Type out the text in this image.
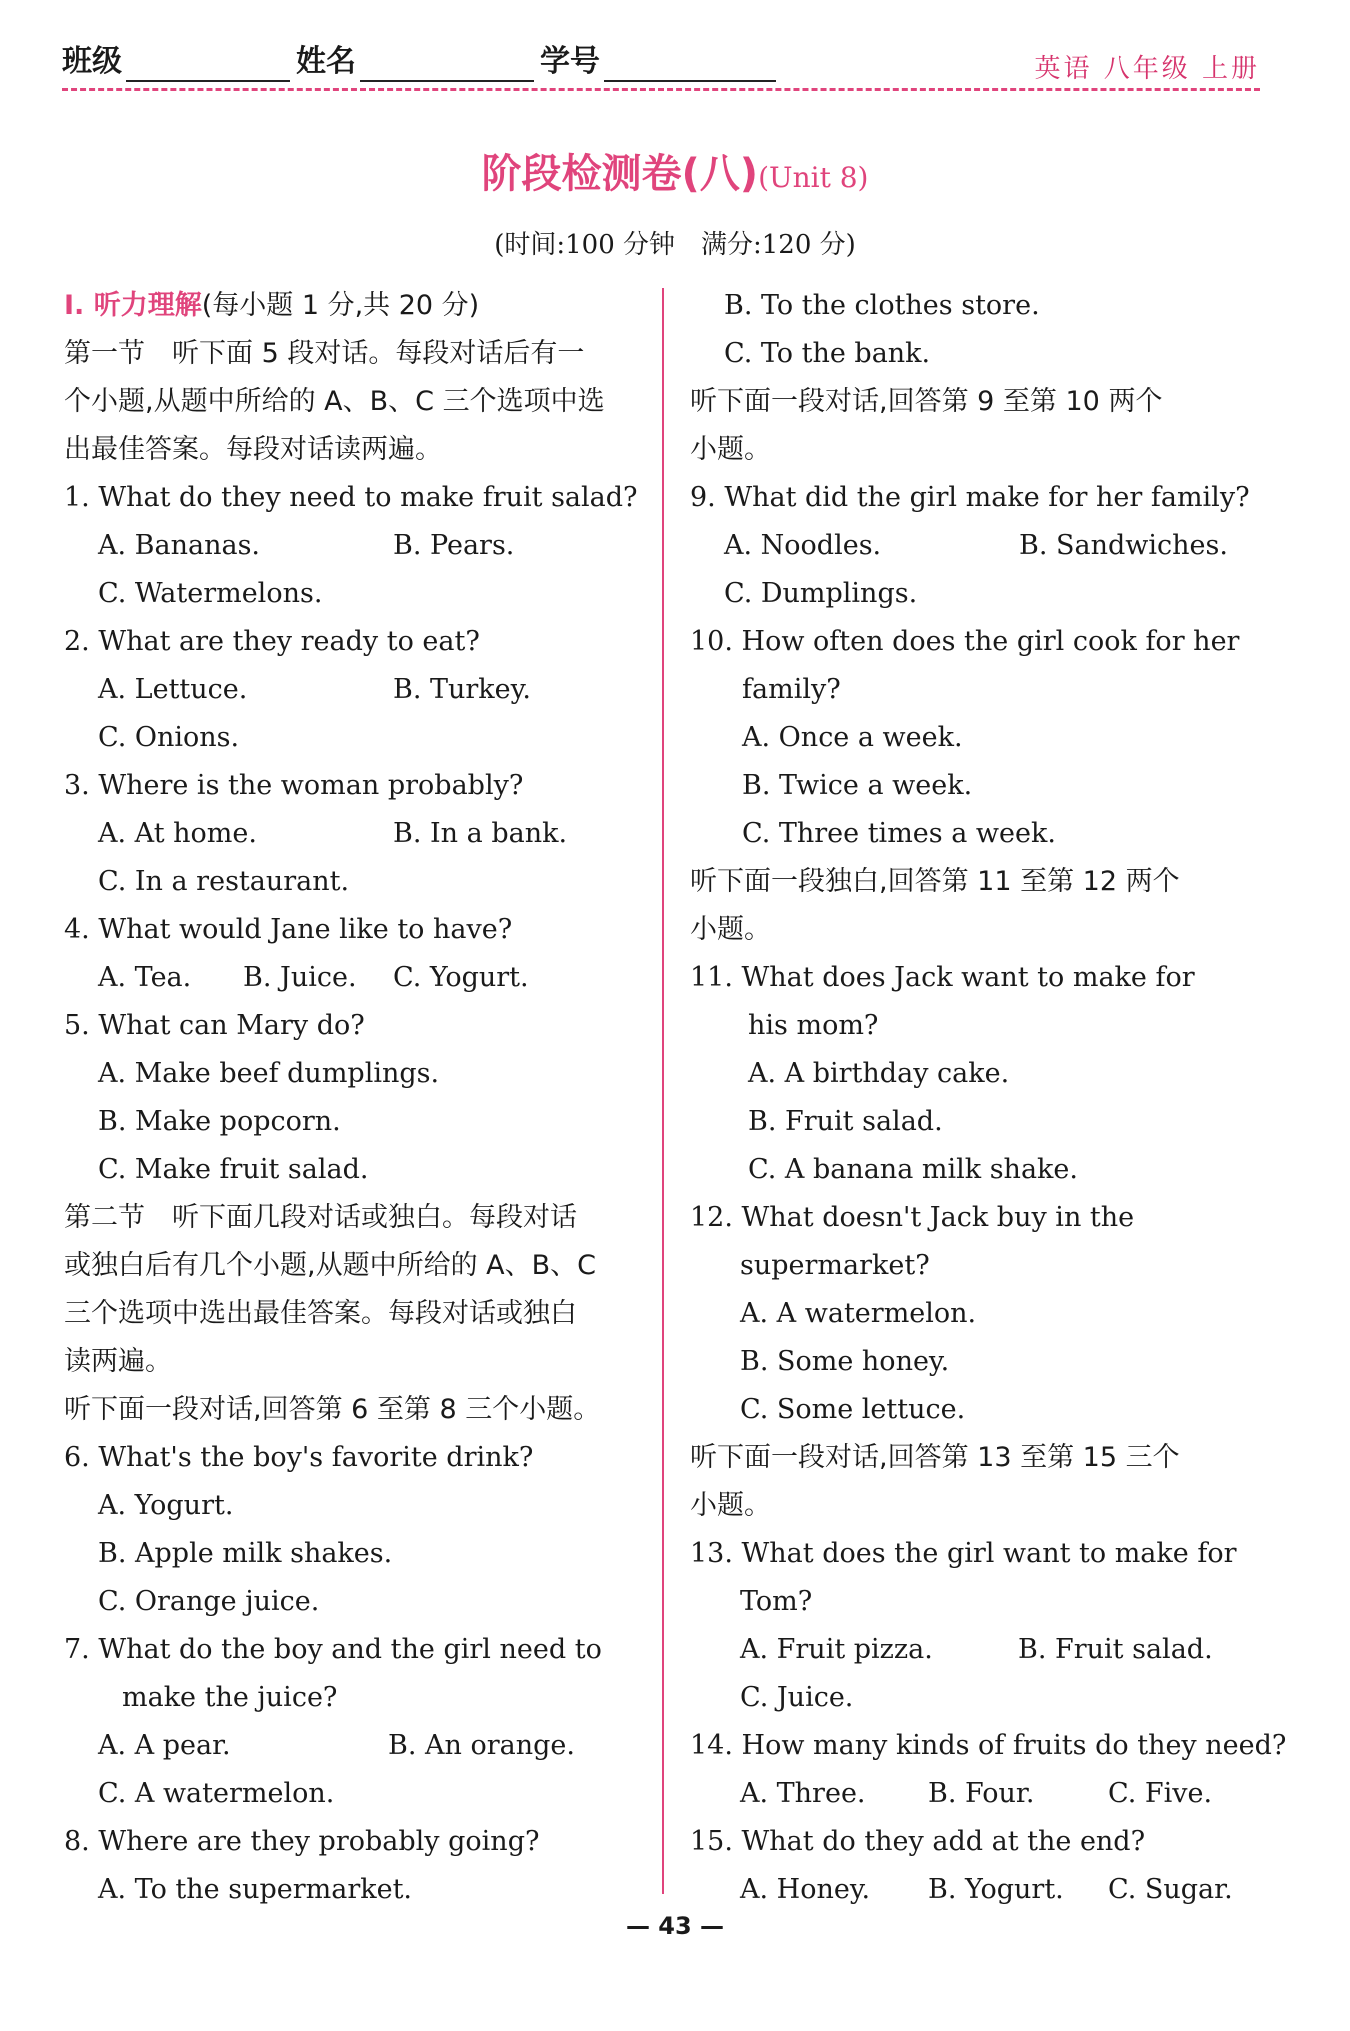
班级	姓名	学号	英语 八年级 上册
阶段检测卷(八)(Unit 8)
(时间:100 分钟　满分:120 分)
Ⅰ. 听力理解(每小题 1 分,共 20 分)
第一节　听下面 5 段对话。每段对话后有一
个小题,从题中所给的 A、B、C 三个选项中选
出最佳答案。每段对话读两遍。
1. What do they need to make fruit salad?
A. Bananas.	B. Pears.
C. Watermelons.
2. What are they ready to eat?
A. Lettuce.	B. Turkey.
C. Onions.
3. Where is the woman probably?
A. At home.	B. In a bank.
C. In a restaurant.
4. What would Jane like to have?
A. Tea.	B. Juice.	C. Yogurt.
5. What can Mary do?
A. Make beef dumplings.
B. Make popcorn.
C. Make fruit salad.
第二节　听下面几段对话或独白。每段对话
或独白后有几个小题,从题中所给的 A、B、C
三个选项中选出最佳答案。每段对话或独白
读两遍。
听下面一段对话,回答第 6 至第 8 三个小题。
6. What's the boy's favorite drink?
A. Yogurt.
B. Apple milk shakes.
C. Orange juice.
7. What do the boy and the girl need to
make the juice?
A. A pear.	B. An orange.
C. A watermelon.
8. Where are they probably going?
A. To the supermarket.
B. To the clothes store.
C. To the bank.
听下面一段对话,回答第 9 至第 10 两个
小题。
9. What did the girl make for her family?
A. Noodles.	B. Sandwiches.
C. Dumplings.
10. How often does the girl cook for her
family?
A. Once a week.
B. Twice a week.
C. Three times a week.
听下面一段独白,回答第 11 至第 12 两个
小题。
11. What does Jack want to make for
his mom?
A. A birthday cake.
B. Fruit salad.
C. A banana milk shake.
12. What doesn't Jack buy in the
supermarket?
A. A watermelon.
B. Some honey.
C. Some lettuce.
听下面一段对话,回答第 13 至第 15 三个
小题。
13. What does the girl want to make for
Tom?
A. Fruit pizza.	B. Fruit salad.
C. Juice.
14. How many kinds of fruits do they need?
A. Three.	B. Four.	C. Five.
15. What do they add at the end?
A. Honey.	B. Yogurt.	C. Sugar.
— 43 —
